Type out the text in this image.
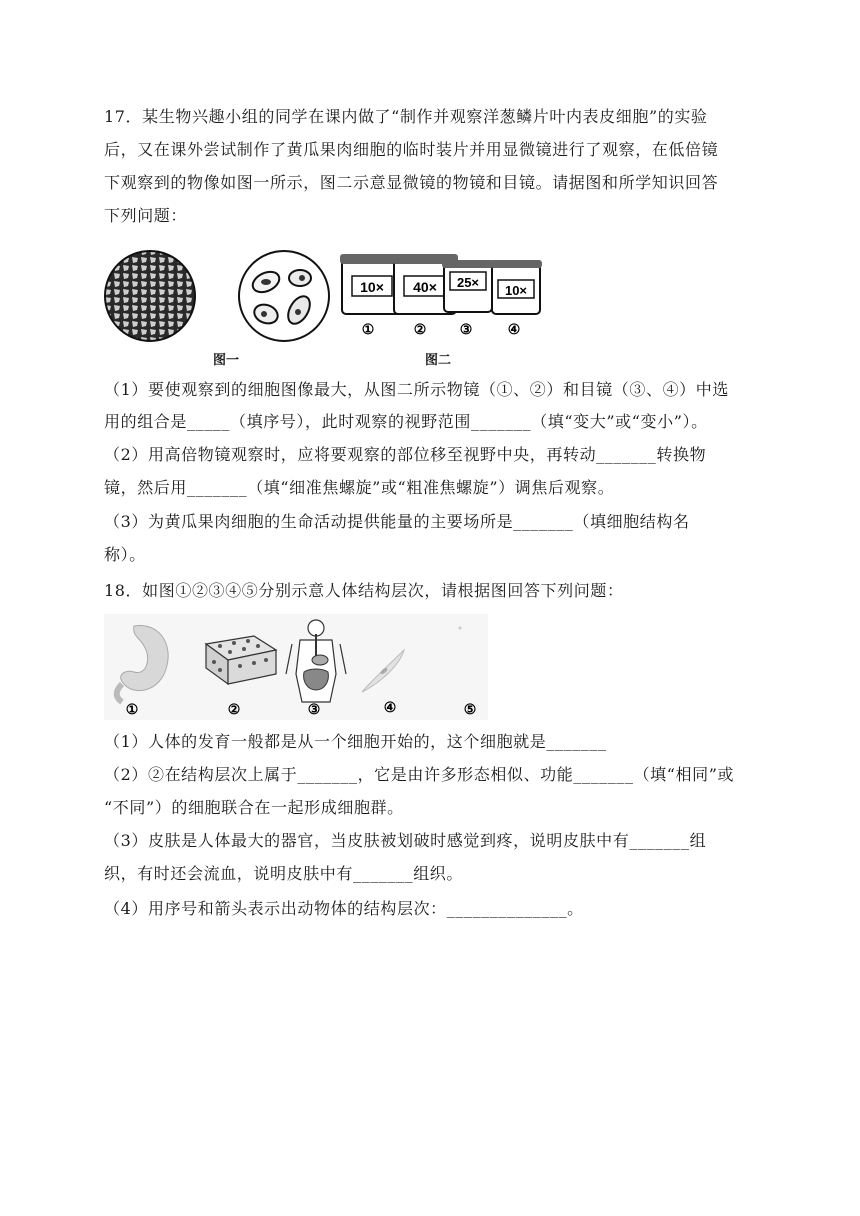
17．某生物兴趣小组的同学在课内做了“制作并观察洋葱鳞片叶内表皮细胞”的实验
后，又在课外尝试制作了黄瓜果肉细胞的临时装片并用显微镜进行了观察，在低倍镜
下观察到的物像如图一所示，图二示意显微镜的物镜和目镜。请据图和所学知识回答
下列问题：
10×
①
40×
②
25×
③
10×
④
图一	图二
（1）要使观察到的细胞图像最大，从图二所示物镜（①、②）和目镜（③、④）中选
用的组合是_____（填序号），此时观察的视野范围_______（填“变大”或“变小”）。
（2）用高倍物镜观察时，应将要观察的部位移至视野中央，再转动_______转换物
镜，然后用_______（填“细准焦螺旋”或“粗准焦螺旋”）调焦后观察。
（3）为黄瓜果肉细胞的生命活动提供能量的主要场所是_______（填细胞结构名
称）。
18．如图①②③④⑤分别示意人体结构层次，请根据图回答下列问题：
①	②	③	④	⑤
（1）人体的发育一般都是从一个细胞开始的，这个细胞就是_______
（2）②在结构层次上属于_______，它是由许多形态相似、功能_______（填“相同”或
“不同”）的细胞联合在一起形成细胞群。
（3）皮肤是人体最大的器官，当皮肤被划破时感觉到疼，说明皮肤中有_______组
织，有时还会流血，说明皮肤中有_______组织。
（4）用序号和箭头表示出动物体的结构层次：______________。
